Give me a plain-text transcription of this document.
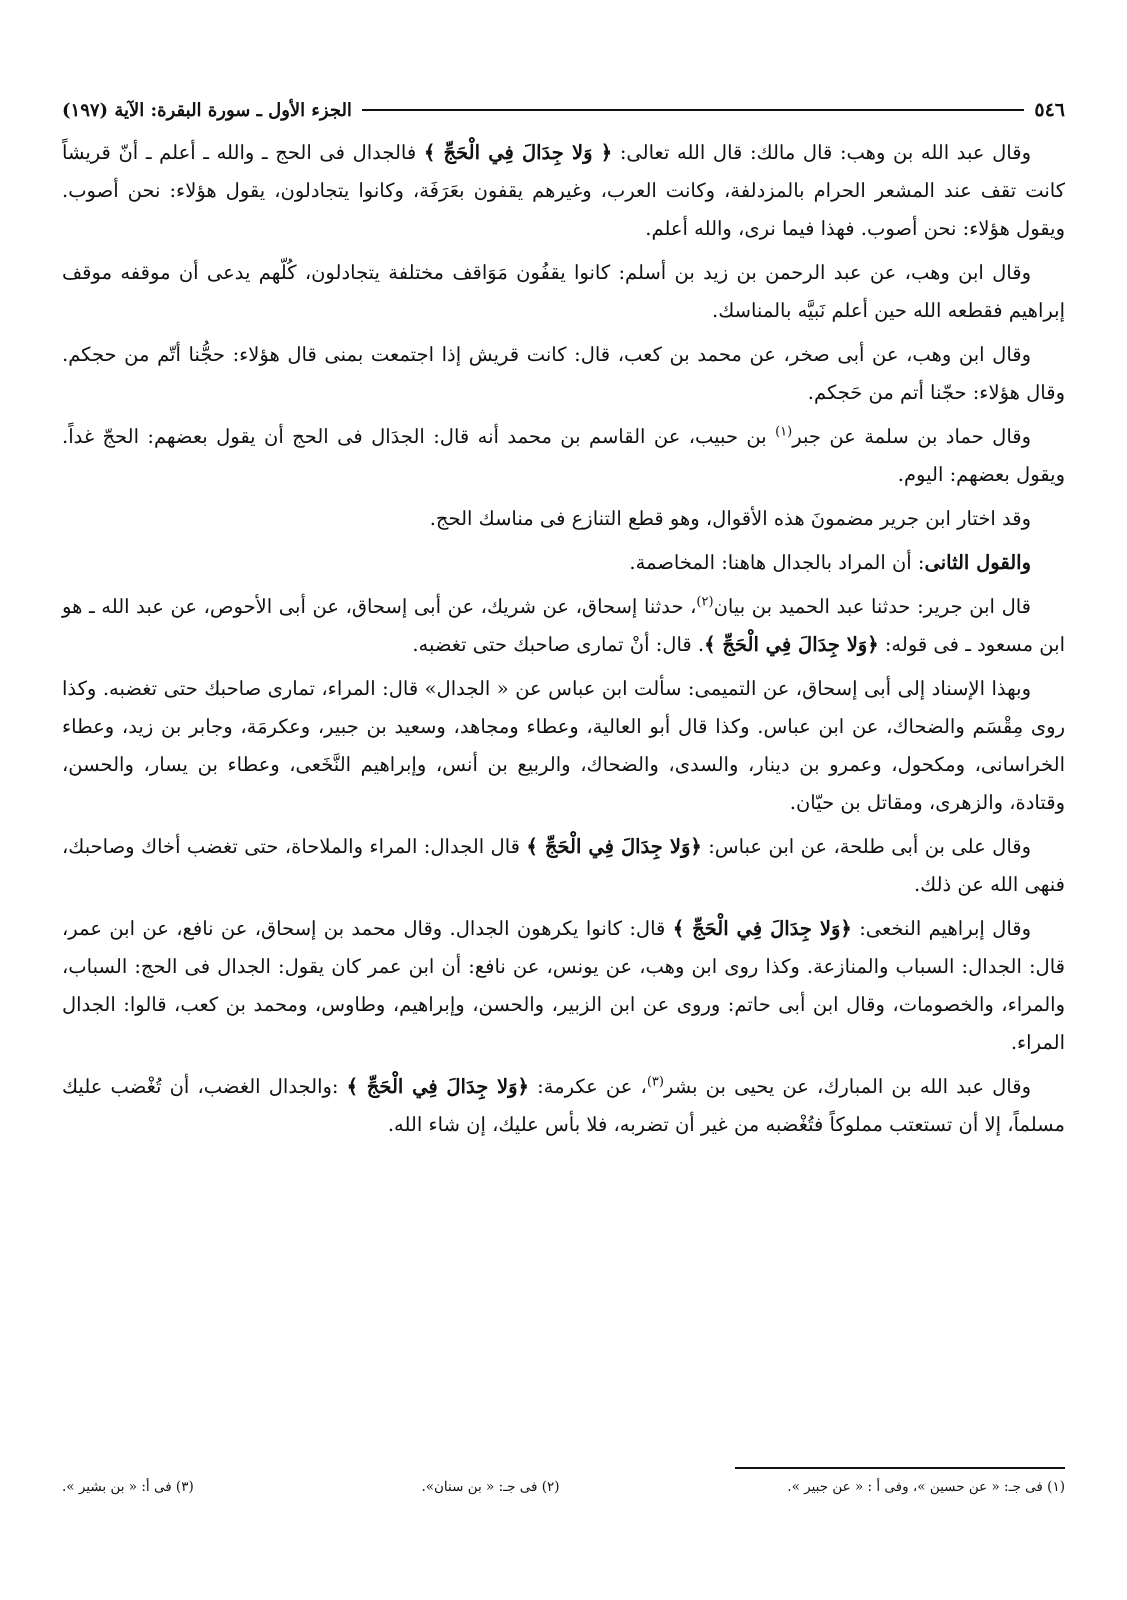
الجزء الأول ـ سورة البقرة: الآية (١٩٧)	٥٤٦

وقال عبد الله بن وهب: قال مالك: قال الله تعالى: ﴿ وَلا جِدَالَ فِي الْحَجِّ ﴾ فالجدال فى الحج ـ والله ـ أعلم ـ أنّ قريشاً كانت تقف عند المشعر الحرام بالمزدلفة، وكانت العرب، وغيرهم يقفون بعَرَفَة، وكانوا يتجادلون، يقول هؤلاء: نحن أصوب. ويقول هؤلاء: نحن أصوب. فهذا فيما نرى، والله أعلم.

وقال ابن وهب، عن عبد الرحمن بن زيد بن أسلم: كانوا يقفُون مَوَاقف مختلفة يتجادلون، كُلّهم يدعى أن موقفه موقف إبراهيم فقطعه الله حين أعلم نَبيَّه بالمناسك.

وقال ابن وهب، عن أبى صخر، عن محمد بن كعب، قال: كانت قريش إذا اجتمعت بمنى قال هؤلاء: حجُّنا أتّم من حجكم. وقال هؤلاء: حجّنا أتم من حَجكم.

وقال حماد بن سلمة عن جبر$^{(١)}$ بن حبيب، عن القاسم بن محمد أنه قال: الجدَال فى الحج أن يقول بعضهم: الحجّ غداً. ويقول بعضهم: اليوم.

وقد اختار ابن جرير مضمونَ هذه الأقوال، وهو قطع التنازع فى مناسك الحج.

والقول الثانى: أن المراد بالجدال هاهنا: المخاصمة.

قال ابن جرير: حدثنا عبد الحميد بن بيان$^{(٢)}$، حدثنا إسحاق، عن شريك، عن أبى إسحاق، عن أبى الأحوص، عن عبد الله ـ هو ابن مسعود ـ فى قوله: ﴿وَلا جِدَالَ فِي الْحَجِّ ﴾. قال: أنْ تمارى صاحبك حتى تغضبه.

وبهذا الإسناد إلى أبى إسحاق، عن التميمى: سألت ابن عباس عن « الجدال» قال: المراء، تمارى صاحبك حتى تغضبه. وكذا روى مِقْسَم والضحاك، عن ابن عباس. وكذا قال أبو العالية، وعطاء ومجاهد، وسعيد بن جبير، وعكرمَة، وجابر بن زيد، وعطاء الخراسانى، ومكحول، وعمرو بن دينار، والسدى، والضحاك، والربيع بن أنس، وإبراهيم النَّخَعى، وعطاء بن يسار، والحسن، وقتادة، والزهرى، ومقاتل بن حيّان.

وقال على بن أبى طلحة، عن ابن عباس: ﴿وَلا جِدَالَ فِي الْحَجِّ ﴾ قال الجدال: المراء والملاحاة، حتى تغضب أخاك وصاحبك، فنهى الله عن ذلك.

وقال إبراهيم النخعى: ﴿وَلا جِدَالَ فِي الْحَجِّ ﴾ قال: كانوا يكرهون الجدال. وقال محمد بن إسحاق، عن نافع، عن ابن عمر، قال: الجدال: السباب والمنازعة. وكذا روى ابن وهب، عن يونس، عن نافع: أن ابن عمر كان يقول: الجدال فى الحج: السباب، والمراء، والخصومات، وقال ابن أبى حاتم: وروى عن ابن الزبير، والحسن، وإبراهيم، وطاوس، ومحمد بن كعب، قالوا: الجدال المراء.

وقال عبد الله بن المبارك، عن يحيى بن بشر$^{(٣)}$، عن عكرمة: ﴿وَلا جِدَالَ فِي الْحَجِّ ﴾ :والجدال الغضب، أن تُغْضب عليك مسلماً، إلا أن تستعتب مملوكاً فتُغْضبه من غير أن تضربه، فلا بأس عليك، إن شاء الله.

(١) فى جـ: « عن حسين »، وفى أ : « عن جبير ».
(٢) فى جـ: « بن سنان».
(٣) فى أ: « بن بشير ».
